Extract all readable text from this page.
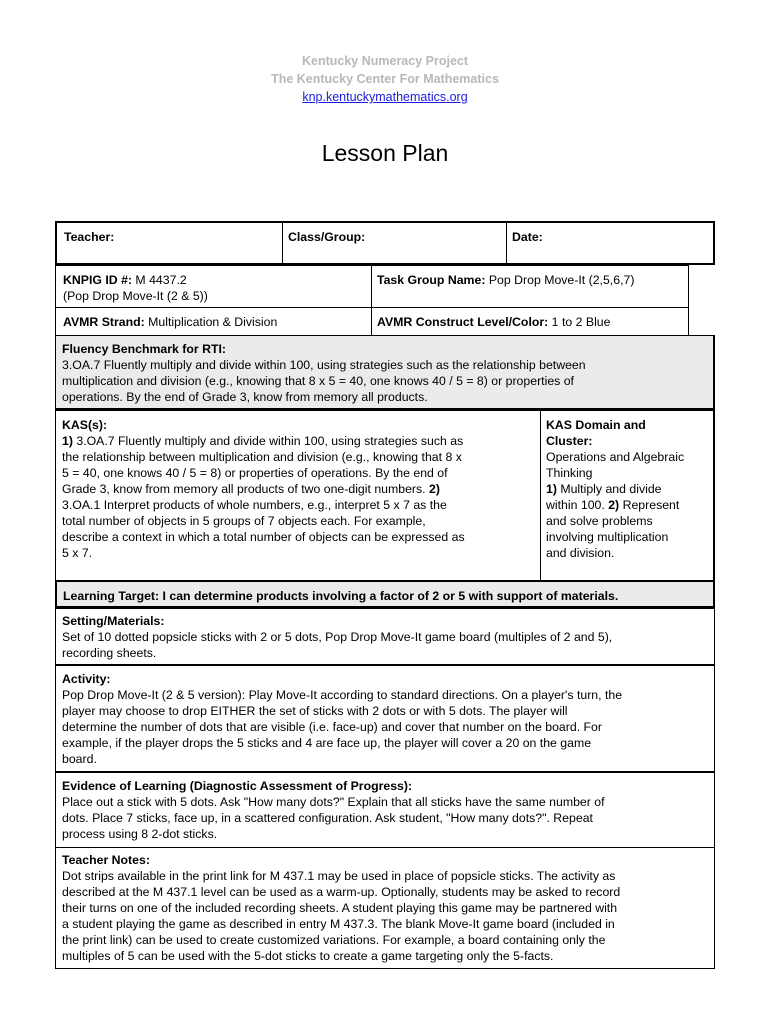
Kentucky Numeracy Project
The Kentucky Center For Mathematics
knp.kentuckymathematics.org
Lesson Plan
Teacher:	Class/Group:	Date:
KNPIG ID #: M 4437.2
(Pop Drop Move-It (2 & 5))
Task Group Name: Pop Drop Move-It (2,5,6,7)
AVMR Strand: Multiplication & Division	AVMR Construct Level/Color: 1 to 2 Blue
Fluency Benchmark for RTI:
3.OA.7 Fluently multiply and divide within 100, using strategies such as the relationship between
multiplication and division (e.g., knowing that 8 x 5 = 40, one knows 40 / 5 = 8) or properties of
operations. By the end of Grade 3, know from memory all products.
KAS(s):
1) 3.OA.7 Fluently multiply and divide within 100, using strategies such as
the relationship between multiplication and division (e.g., knowing that 8 x
5 = 40, one knows 40 / 5 = 8) or properties of operations. By the end of
Grade 3, know from memory all products of two one-digit numbers. 2)
3.OA.1 Interpret products of whole numbers, e.g., interpret 5 x 7 as the
total number of objects in 5 groups of 7 objects each. For example,
describe a context in which a total number of objects can be expressed as
5 x 7.
KAS Domain and
Cluster:
Operations and Algebraic
Thinking
1) Multiply and divide
within 100. 2) Represent
and solve problems
involving multiplication
and division.
Learning Target: I can determine products involving a factor of 2 or 5 with support of materials.
Setting/Materials:
Set of 10 dotted popsicle sticks with 2 or 5 dots, Pop Drop Move-It game board (multiples of 2 and 5),
recording sheets.
Activity:
Pop Drop Move-It (2 & 5 version): Play Move-It according to standard directions. On a player's turn, the
player may choose to drop EITHER the set of sticks with 2 dots or with 5 dots. The player will
determine the number of dots that are visible (i.e. face-up) and cover that number on the board. For
example, if the player drops the 5 sticks and 4 are face up, the player will cover a 20 on the game
board.
Evidence of Learning (Diagnostic Assessment of Progress):
Place out a stick with 5 dots. Ask "How many dots?" Explain that all sticks have the same number of
dots. Place 7 sticks, face up, in a scattered configuration. Ask student, "How many dots?". Repeat
process using 8 2-dot sticks.
Teacher Notes:
Dot strips available in the print link for M 437.1 may be used in place of popsicle sticks. The activity as
described at the M 437.1 level can be used as a warm-up. Optionally, students may be asked to record
their turns on one of the included recording sheets. A student playing this game may be partnered with
a student playing the game as described in entry M 437.3. The blank Move-It game board (included in
the print link) can be used to create customized variations. For example, a board containing only the
multiples of 5 can be used with the 5-dot sticks to create a game targeting only the 5-facts.
